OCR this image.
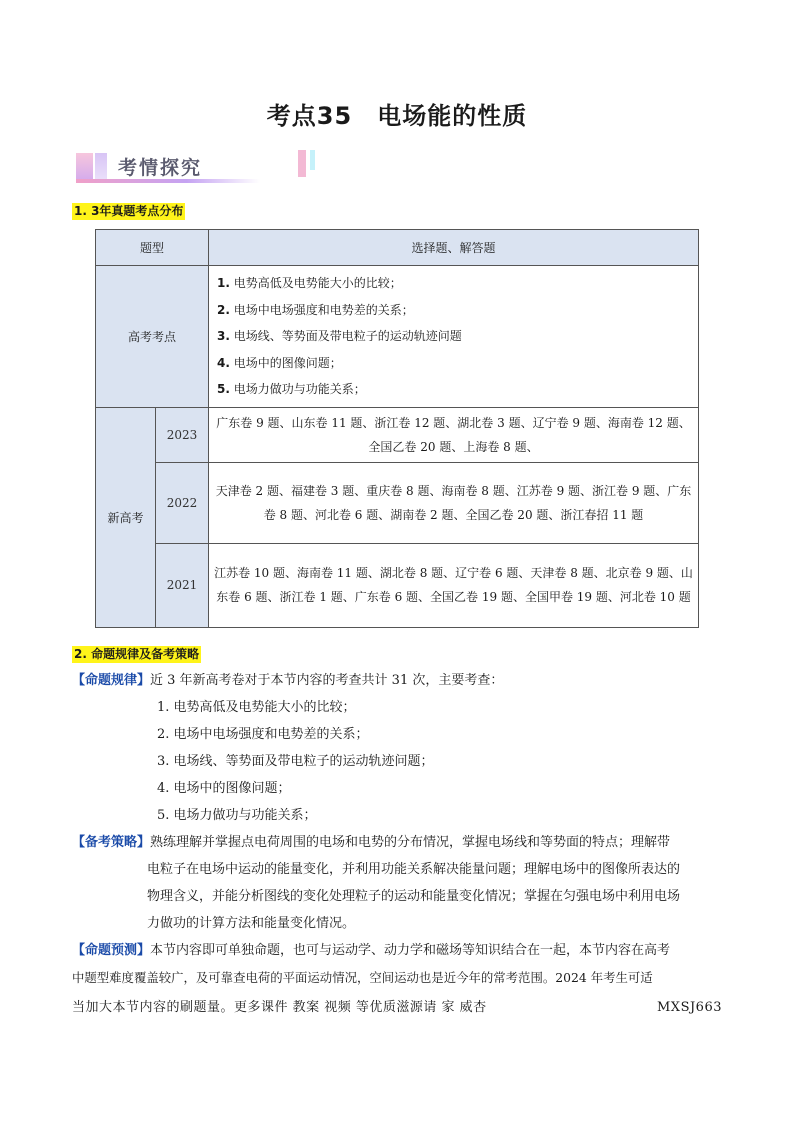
考点35　电场能的性质
考情探究
1. 3年真题考点分布
题型		选择题、解答题
高考考点		1. 电势高低及电势能大小的比较；
2. 电场中电场强度和电势差的关系；
3. 电场线、等势面及带电粒子的运动轨迹问题
4. 电场中的图像问题；
5. 电场力做功与功能关系；

新高考	2023	广东卷 9 题、山东卷 11 题、浙江卷 12 题、湖北卷 3 题、辽宁卷 9 题、海南卷 12 题、全国乙卷 20 题、上海卷 8 题、
	2022	天津卷 2 题、福建卷 3 题、重庆卷 8 题、海南卷 8 题、江苏卷 9 题、浙江卷 9 题、广东卷 8 题、河北卷 6 题、湖南卷 2 题、全国乙卷 20 题、浙江春招 11 题
	2021	江苏卷 10 题、海南卷 11 题、湖北卷 8 题、辽宁卷 6 题、天津卷 8 题、北京卷 9 题、山东卷 6 题、浙江卷 1 题、广东卷 6 题、全国乙卷 19 题、全国甲卷 19 题、河北卷 10 题
2. 命题规律及备考策略
【命题规律】近 3 年新高考卷对于本节内容的考查共计 31 次，主要考查：
1. 电势高低及电势能大小的比较；
2. 电场中电场强度和电势差的关系；
3. 电场线、等势面及带电粒子的运动轨迹问题；
4. 电场中的图像问题；
5. 电场力做功与功能关系；
【备考策略】熟练理解并掌握点电荷周围的电场和电势的分布情况，掌握电场线和等势面的特点；理解带
电粒子在电场中运动的能量变化，并利用功能关系解决能量问题；理解电场中的图像所表达的
物理含义，并能分析图线的变化处理粒子的运动和能量变化情况；掌握在匀强电场中利用电场
力做功的计算方法和能量变化情况。
【命题预测】本节内容即可单独命题，也可与运动学、动力学和磁场等知识结合在一起，本节内容在高考
中题型难度覆盖较广，及可靠查电荷的平面运动情况，空间运动也是近今年的常考范围。2024 年考生可适
当加大本节内容的刷题量。更多课件 教案 视频 等优质滋源请 家 威杏	MXSJ663
